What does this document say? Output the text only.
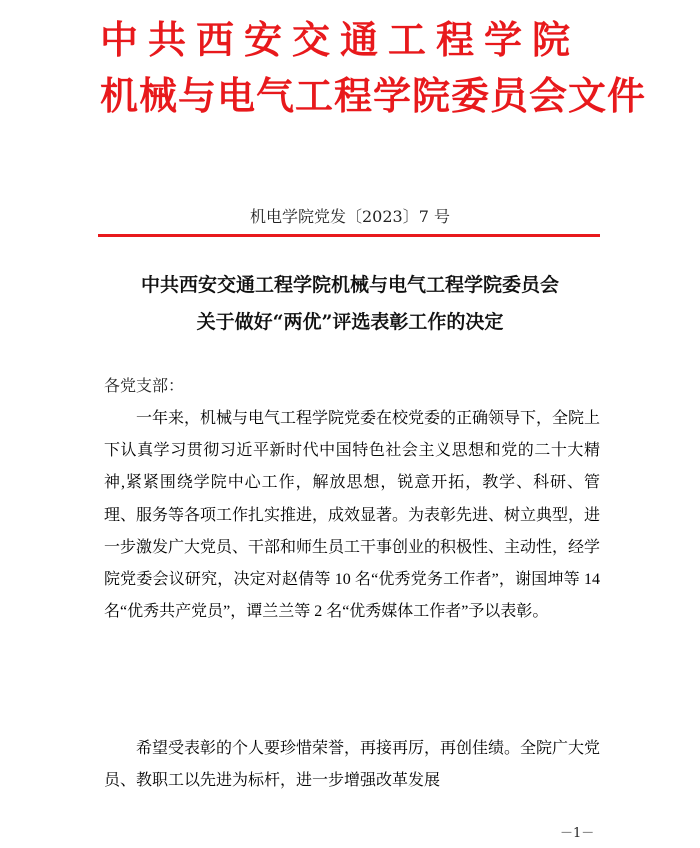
中共西安交通工程学院
机械与电气工程学院委员会文件
机电学院党发〔2023〕7 号
中共西安交通工程学院机械与电气工程学院委员会
关于做好“两优”评选表彰工作的决定
各党支部：

一年来，机械与电气工程学院党委在校党委的正确领导下，全院上下认真学习贯彻习近平新时代中国特色社会主义思想和党的二十大精神,紧紧围绕学院中心工作，解放思想，锐意开拓，教学、科研、管理、服务等各项工作扎实推进，成效显著。为表彰先进、树立典型，进一步激发广大党员、干部和师生员工干事创业的积极性、主动性，经学院党委会议研究，决定对赵倩等 10 名“优秀党务工作者”，谢国坤等 14 名“优秀共产党员”，谭兰兰等 2 名“优秀媒体工作者”予以表彰。

希望受表彰的个人要珍惜荣誉，再接再厉，再创佳绩。全院广大党员、教职工以先进为标杆，进一步增强改革发展

－1－
